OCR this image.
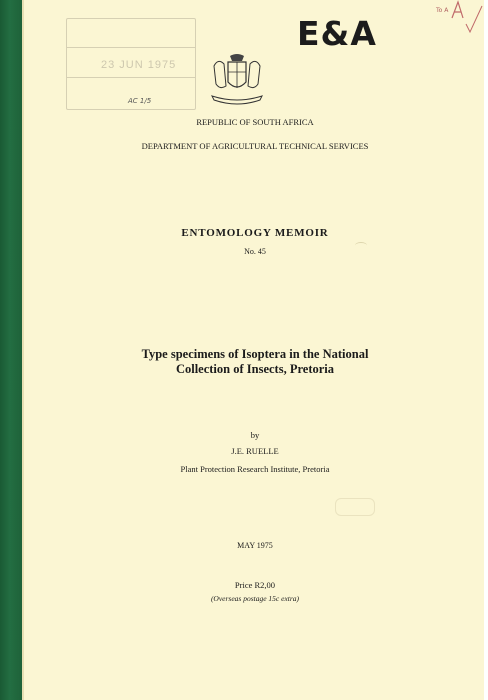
23 JUN 1975
AC 1/5
E&A
To A
REPUBLIC OF SOUTH AFRICA
DEPARTMENT OF AGRICULTURAL TECHNICAL SERVICES
ENTOMOLOGY MEMOIR
No. 45
Type specimens of Isoptera in the National
Collection of Insects, Pretoria
by
J.E. RUELLE
Plant Protection Research Institute, Pretoria
MAY 1975
Price R2,00
(Overseas postage 15c extra)
